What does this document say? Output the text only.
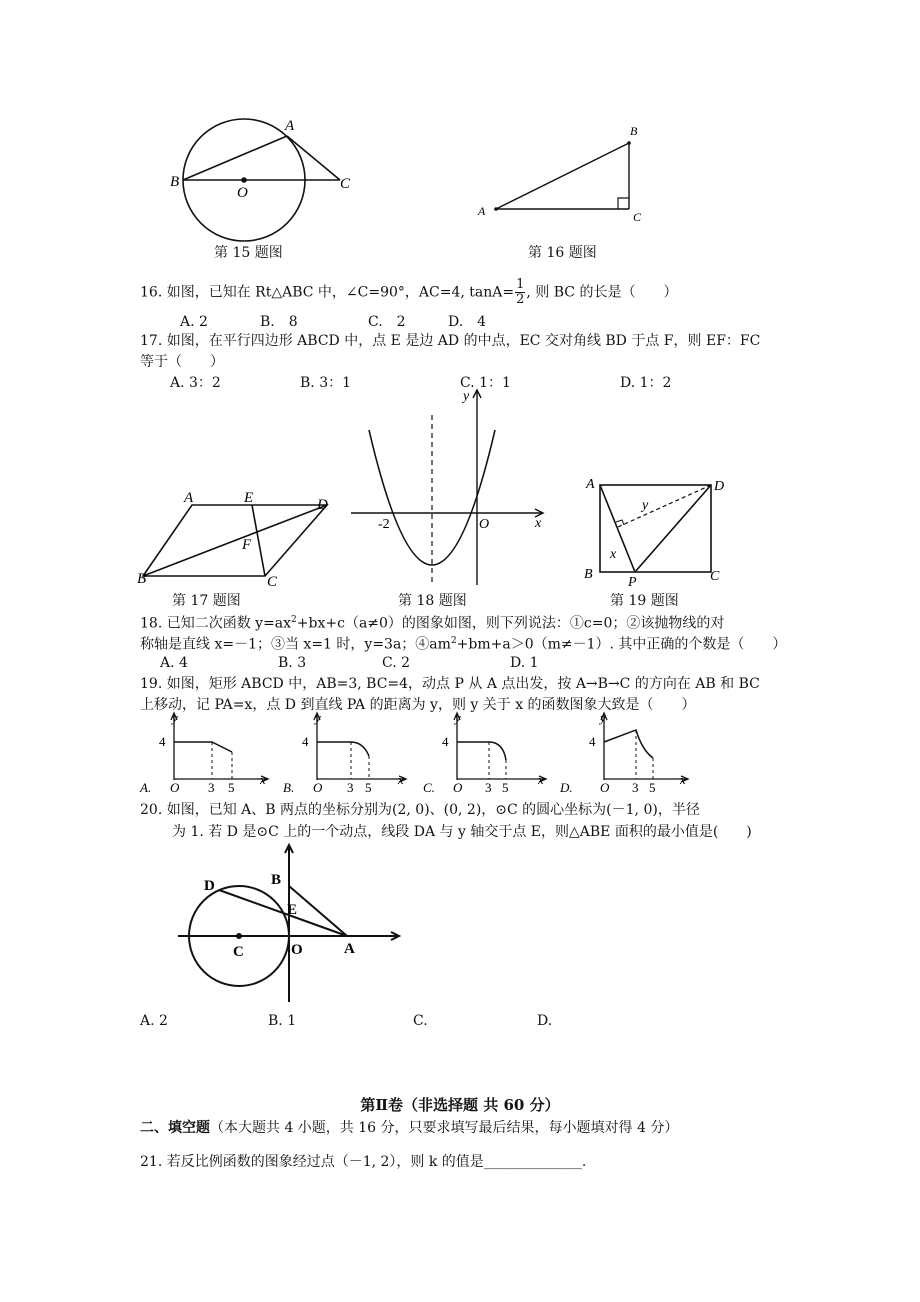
A
B
O
C
第 15 题图
B
A	C
第 16 题图
16. 如图，已知在 Rt△ABC 中，∠C=90°，AC=4, $\tan A= \frac{1}{2}$ , 则 BC 的长是（　　）
A. 2	B.　8	C.　2	D.　4
17. 如图，在平行四边形 ABCD 中，点 E 是边 AD 的中点，EC 交对角线 BD 于点 F，则 EF：FC
等于（　　）
A. 3：2	B. 3：1	C. 1：1	D. 1：2
A	E	D
F
B	C
第 17 题图
y
x
-2	O
第 18 题图
A	D
y
x
B
P	C
第 19 题图
18. 已知二次函数 $y=ax^2+bx+c(a\ne 0)$的图象如图，则下列说法：①c=0；②该抛物线的对
称轴是直线 x=－1；③当 x=1 时，y=3a；$④am^2+bm+a>0(m\ne-1)$. 其中正确的个数是（　　）
A. 4	B. 3	C. 2	D. 1
19. 如图，矩形 ABCD 中，AB=3, BC=4，动点 P 从 A 点出发，按 A→B→C 的方向在 AB 和 BC
上移动，记 PA=x，点 D 到直线 PA 的距离为 y，则 y 关于 x 的函数图象大致是（　　）
A.
y
4
O 3 5
x
B.
y
4
O 3 5
x
C.
y
4
O 3 5
x
D.
y
4
O 3 5
x
20. 如图，已知 A、B 两点的坐标分别为(2, 0)、(0, 2)，⊙C 的圆心坐标为(－1, 0)，半径
为 1. 若 D 是⊙C 上的一个动点，线段 DA 与 y 轴交于点 E，则△ABE 面积的最小值是(　　)
D	B
E
C	O	A
A. 2	B. 1	C.	D.
第Ⅱ卷（非选择题 共 60 分）
二、填空题（本大题共 4 小题，共 16 分，只要求填写最后结果，每小题填对得 4 分）
21. 若反比例函数的图象经过点（－1, 2），则 k 的值是______________.
